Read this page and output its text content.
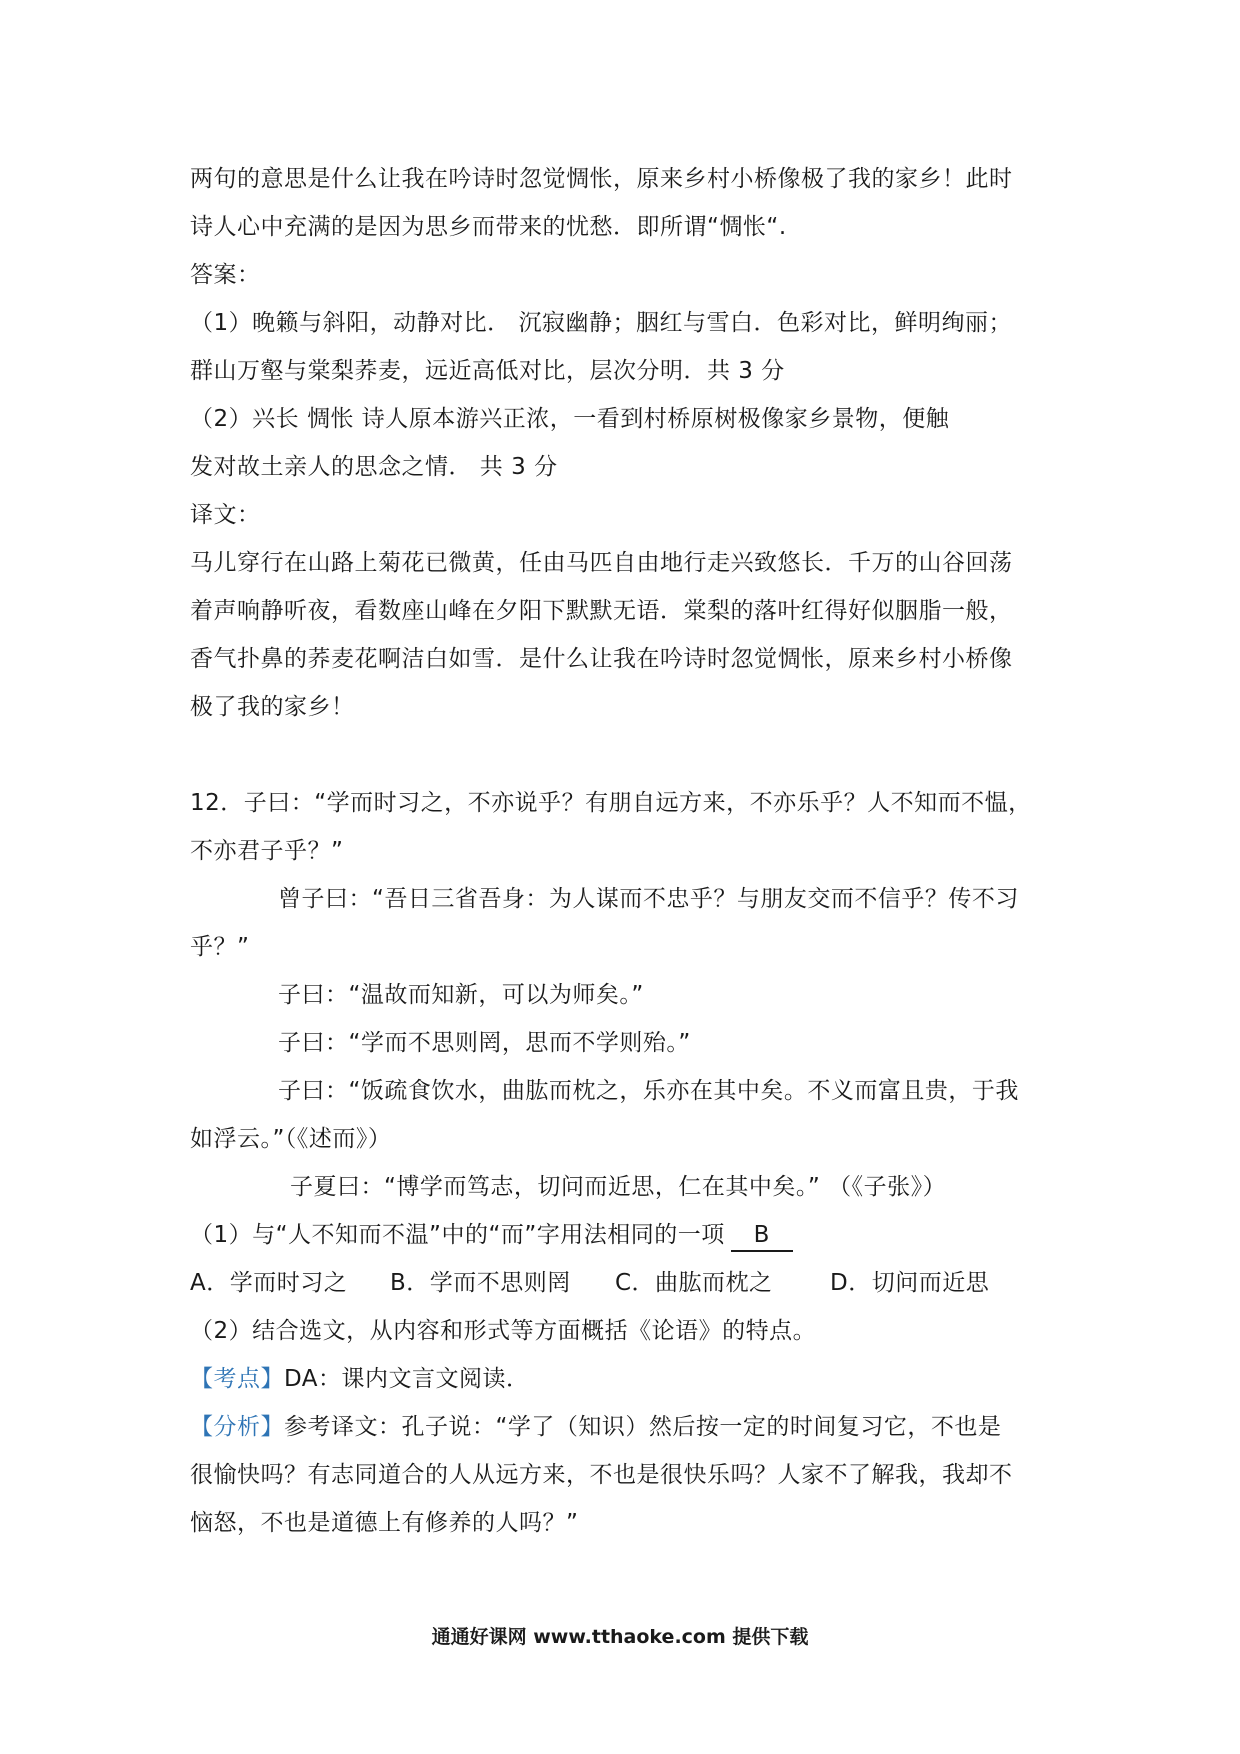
两句的意思是什么让我在吟诗时忽觉惆怅，原来乡村小桥像极了我的家乡！此时
诗人心中充满的是因为思乡而带来的忧愁．即所谓“惆怅“.
答案：
（1）晚籁与斜阳，动静对比． 沉寂幽静；胭红与雪白．色彩对比，鲜明绚丽；
群山万壑与棠梨荞麦，远近高低对比，层次分明．共 3 分
（2）兴长 惆怅 诗人原本游兴正浓，一看到村桥原树极像家乡景物，便触
发对故土亲人的思念之情． 共 3 分
译文：
马儿穿行在山路上菊花已微黄，任由马匹自由地行走兴致悠长．千万的山谷回荡
着声响静听夜，看数座山峰在夕阳下默默无语．棠梨的落叶红得好似胭脂一般，
香气扑鼻的荞麦花啊洁白如雪．是什么让我在吟诗时忽觉惆怅，原来乡村小桥像
极了我的家乡！
12．子曰：“学而时习之，不亦说乎？有朋自远方来，不亦乐乎？人不知而不愠，
不亦君子乎？”
曾子曰：“吾日三省吾身：为人谋而不忠乎？与朋友交而不信乎？传不习
乎？”
子曰：“温故而知新，可以为师矣。”
子曰：“学而不思则罔，思而不学则殆。”
子曰：“饭疏食饮水，曲肱而枕之，乐亦在其中矣。不义而富且贵，于我
如浮云。”（《述而》）
子夏曰：“博学而笃志，切问而近思，仁在其中矣。” （《子张》）
（1）与“人不知而不温”中的“而”字用法相同的一项 B
A．学而时习之 B．学而不思则罔 C．曲肱而枕之 D．切问而近思
（2）结合选文，从内容和形式等方面概括《论语》的特点。
【考点】DA：课内文言文阅读．
【分析】参考译文：孔子说：“学了（知识）然后按一定的时间复习它，不也是
很愉快吗？有志同道合的人从远方来，不也是很快乐吗？人家不了解我，我却不
恼怒，不也是道德上有修养的人吗？”
通通好课网 www.tthaoke.com 提供下载
